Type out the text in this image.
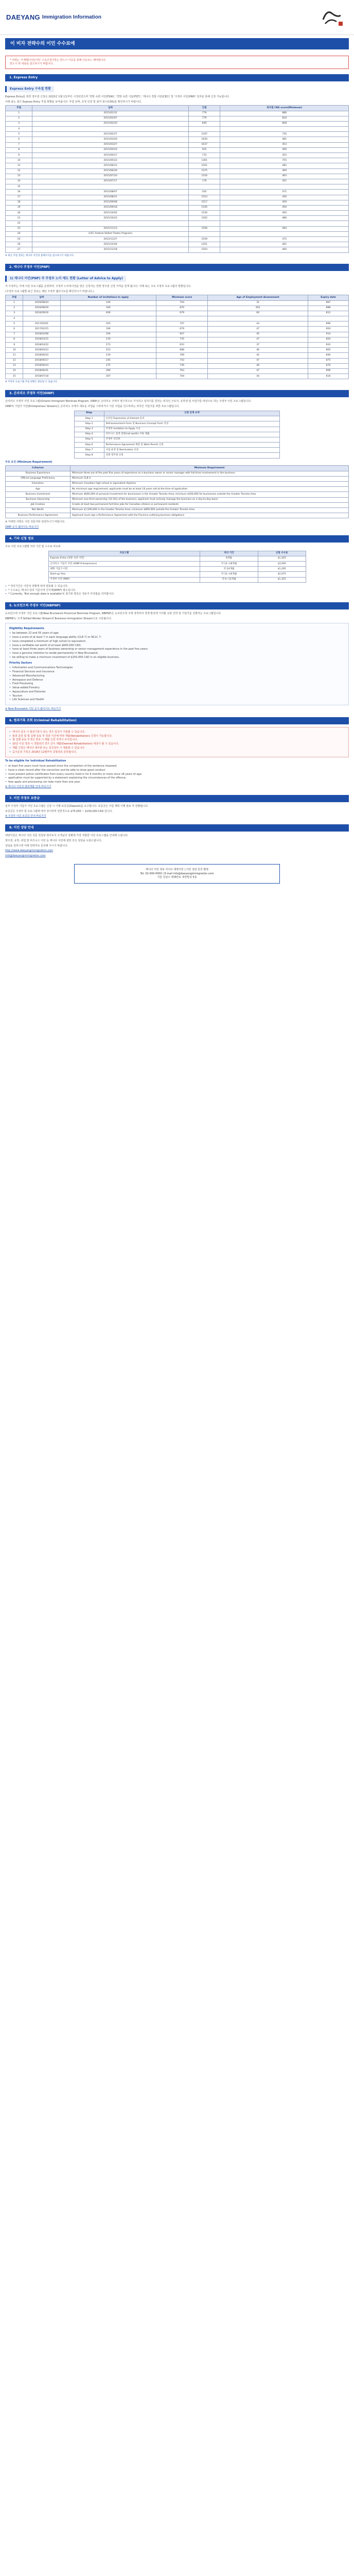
DAEYANG Immigration Information
이 비자 전략수의 이민 수수료에
* 아래는 '주제별(이민)이민' 수속신청서류는 반드시 이곳을 통해 다운로드 해야합니다.
반드시 위 내용을 참고하시기 바랍니다.
1. Express Entry
Express Entry 수속절 현황

Express Entry를 통한 영주권 신청은 2015년 1월 1일부터 시작되었으며 '연방 숙련 이민(FSW)', '연방 숙련 기술(FST)', '캐나다 경험 이민(CEC)' 및 '주정부 이민(PNP)' 일부를 통해 신청 가능합니다.

아래 표는 최근 Express Entry 추첨 현황을 보여줍니다. 추첨 날짜, 초청 인원 및 최저 점수(CRS)를 확인하시기 바랍니다.

추첨	날짜	인원	최저점 CRS score(Minimum)
1	2015/01/31	779	886
2	2015/02/07	779	818
3	2015/02/20	849	808
4			
5	2015/02/27	1187	735
6	2015/03/20	1620	481
7	2015/03/27	1637	453
8	2015/04/10	925	469
9	2015/04/17	715	453
10	2015/05/22	1361	755
11	2015/06/12	1501	482
12	2015/06/26	1575	469
13	2015/07/10	1516	463
14	2015/07/17	176	451
15			
16	2015/08/07	202	471
17	2015/08/21	1523	456
18	2015/09/08	1517	459
19	2015/09/18	1545	450
20	2015/10/02	1530	450
21	2015/10/23	1502	489
22			
23	2015/11/13	1506	484
24	(CEC Federal Skilled Trades Program)		
25	2015/11/27	1559	472
26	2015/12/04	1451	461
27	2015/12/18	1503	460

※ 최신 추첨 결과는 캐나다 이민성 홈페이지를 참고하시기 바랍니다.

2. 캐나다 주정부 이민(PNP)
1) 캐나다 이민(PNP) 각 주정부 노미 제도 현황 (Letter of Advice to Apply)

각 주정부는 자체 이민 프로그램을 운영하며, 주정부 노미네이션을 받은 신청자는 연방 영주권 신청 자격을 얻게 됩니다. 아래 표는 주요 주정부 프로그램의 현황입니다.

(주정부 프로그램별 최신 정보는 해당 주정부 웹사이트를 확인하시기 바랍니다.)

추첨	날짜	Number of invitations to apply	Minimum score	Age of Employment Assessment	Expiry date
1	2016/08/24	140	793	31	867
2	2016/08/29	160	870	452	888
3	2016/09/16	400	679	60	812
4					
5	2017/02/01	203	707	43	896
6	2017/02/15	166	679	47	854
7	2018/02/08	194	607	45	914
8	2018/03/15	219	735	47	820
9	2018/03/22	273	610	37	833
10	2018/05/23	253	688	46	865
11	2018/06/10	219	769	42	840
12	2018/06/17	245	743	47	875
13	2018/06/24	275	749	48	876
14	2018/06/31	280	763	47	806
15	2018/07/18	307	704	44	816

※ 주정부 프로그램 추첨 현황은 변동될 수 있습니다.

3. 온타리오 주정부 이민(OINP)

온타리오 주정부 이민 프로그램(Ontario Immigrant Nominee Program, OINP)은 온타리오 주에서 영구적으로 거주하고 일하기를 원하는 외국인 근로자, 유학생 및 사업가를 대상으로 하는 주정부 이민 프로그램입니다.

OINP의 기업가 이민(Entrepreneur Stream)은 온타리오 주에서 새로운 사업을 시작하거나 기존 사업을 인수하려는 외국인 기업가를 위한 프로그램입니다.

Step	신청 단계 요약
Step 1	온라인 Expression of Interest 등록
Step 2	Self-assessment Form 및 Business Concept Form 작성
Step 3	주정부 Invitation to Apply 수신
Step 4	비즈니스 실적 증빙(net worth) 서류 제출
Step 5	주정부 인터뷰
Step 6	Performance Agreement 체결 및 Work Permit 신청
Step 7	사업 운영 및 Nomination 신청
Step 8	연방 영주권 신청

주요 요건 (Minimum Requirement)

Criterion	Minimum Requirement
Business Experience	Minimum three out of the past five years of experience as a business owner or senior manager with full-time involvement in the business
Official Language Proficiency	Minimum CLB 4
Education	Minimum Canadian high school or equivalent diploma
Age	No minimum age requirement; applicants must be at least 18 years old at the time of application
Business Investment	Minimum $600,000 of personal investment for businesses in the Greater Toronto Area; minimum $200,000 for businesses outside the Greater Toronto Area
Business Ownership	Minimum one-third ownership (33.3%) of the business; applicant must actively manage the business on a day-to-day basis
Job Creation	Create at least two permanent full-time jobs for Canadian citizens or permanent residents
Net Worth	Minimum $1,500,000 in the Greater Toronto Area; minimum $800,000 outside the Greater Toronto Area
Business Performance Agreement	Applicant must sign a Performance Agreement with the Province outlining business obligations

※ 자세한 사항은 이민 전문가와 상담하시기 바랍니다.

OINP 공식 웹사이트 바로가기

4. 기타 신청 정보

주요 이민 프로그램별 처리 기간 및 수수료 비교표

프로그램	처리 기간	신청 수수료
Express Entry (연방 숙련 이민)	6개월	$1,325
온타리오 기업가 이민 (OINP Entrepreneur)	약 12~18개월	$3,500
퀘벡 기업가 이민	약 24개월	$1,205
Start-up Visa	약 12~16개월	$2,075
주정부 이민 (PNP)	약 6~12개월	$1,325
• * 처리기간은 이민성 상황에 따라 변동될 수 있습니다.
• * 수수료는 캐나다 달러 기준이며 인지세(RPRF) 별도입니다.
• * Currently, 'Not enough data is available'로 표기된 항목은 정보가 부족함을 의미합니다.
5. 뉴브런즈윅 주정부 이민(NBPNP)

뉴브런즈윅 주정부 이민 프로그램(New Brunswick Provincial Nominee Program, NBPNP)은 뉴브런즈윅 주에 정착하여 경제 발전에 기여할 숙련 인력 및 기업가를 선발하는 프로그램입니다.

NBPNP는 크게 Skilled Worker Stream과 Business Immigration Stream으로 구분됩니다.

Eligibility Requirements

• be between 22 and 55 years of age;
• have a score of at least 7 in each language ability (CLB 7) or NCLC 7;
• have completed a minimum of high school or equivalent;
• have a verifiable net worth of at least $600,000 CAD;
• have at least three years of business ownership or senior management experience in the past five years;
• have a genuine intention to reside permanently in New Brunswick;
• be willing to make a minimum investment of $250,000 CAD in an eligible business.

Priority Sectors

• Information and Communications Technologies
• Financial Services and Insurance
• Advanced Manufacturing
• Aerospace and Defence
• Food Processing
• Value-added Forestry
• Aquaculture and Fisheries
• Tourism
• Life Sciences and Health

※ New Brunswick 이민 공식 웹사이트 바로가기

6. 범죄기록 조회 (Criminal Rehabilitation)
• 캐나다 입국 시 범죄기록이 있는 경우 입국이 거절될 수 있습니다.
• 범죄 종류 및 형 집행 종료 후 경과 기간에 따라 재활(Rehabilitation) 신청이 가능합니다.
• 형 집행 종료 후 5년 경과 시 재활 신청 자격이 주어집니다.
• 10년 이상 경과 시 경범죄의 경우 간주 재활(Deemed Rehabilitation) 대상이 될 수 있습니다.
• 재활 신청은 캐나다 대사관 또는 입국심사 시 제출할 수 있습니다.
• 음주운전 기록은 2018년 12월부터 중범죄로 분류됩니다.

To be eligible for Individual Rehabilitation

• at least five years must have passed since the completion of the sentence imposed;
• have a clean record after the conviction and be able to show good conduct;
• must present police certificates from every country lived in for 6 months or more since 18 years of age;
• application must be supported by a statement explaining the circumstances of the offence;
• fees apply and processing can take more than one year.

※ 캐나다 이민성 범죄재활 안내 바로가기

7. 이민 주정부 보증금

일부 주정부 기업가 이민 프로그램은 신청 시 이행 보증금(Deposit)을 요구합니다. 보증금은 사업 계획 이행 완료 후 반환됩니다.

보증금은 주정부 및 프로그램에 따라 상이하며 일반적으로 $75,000 ~ $100,000 CAD 입니다.

※ 주정부 이민 보증금 안내 바로가기

8. 이민 상담 안내

대양이민은 캐나다 이민 전문 컨설팅 회사로서 고객님의 상황에 가장 적합한 이민 프로그램을 안내해 드립니다.

영주권, 유학, 취업 및 비즈니스 이민 등 캐나다 이민에 관한 모든 상담을 도와드립니다.

상담을 원하시면 아래 연락처로 문의해 주시기 바랍니다.

http://www.daeyangimmigration.com

info@daeyangimmigration.com

캐나다 이민 정보 사이트 대양이민 | 이민 상담 문의 환영
Tel. 02-000-0000 | E-mail info@daeyangimmigration.com
서울 강남구 테헤란로 대양빌딩 5층
